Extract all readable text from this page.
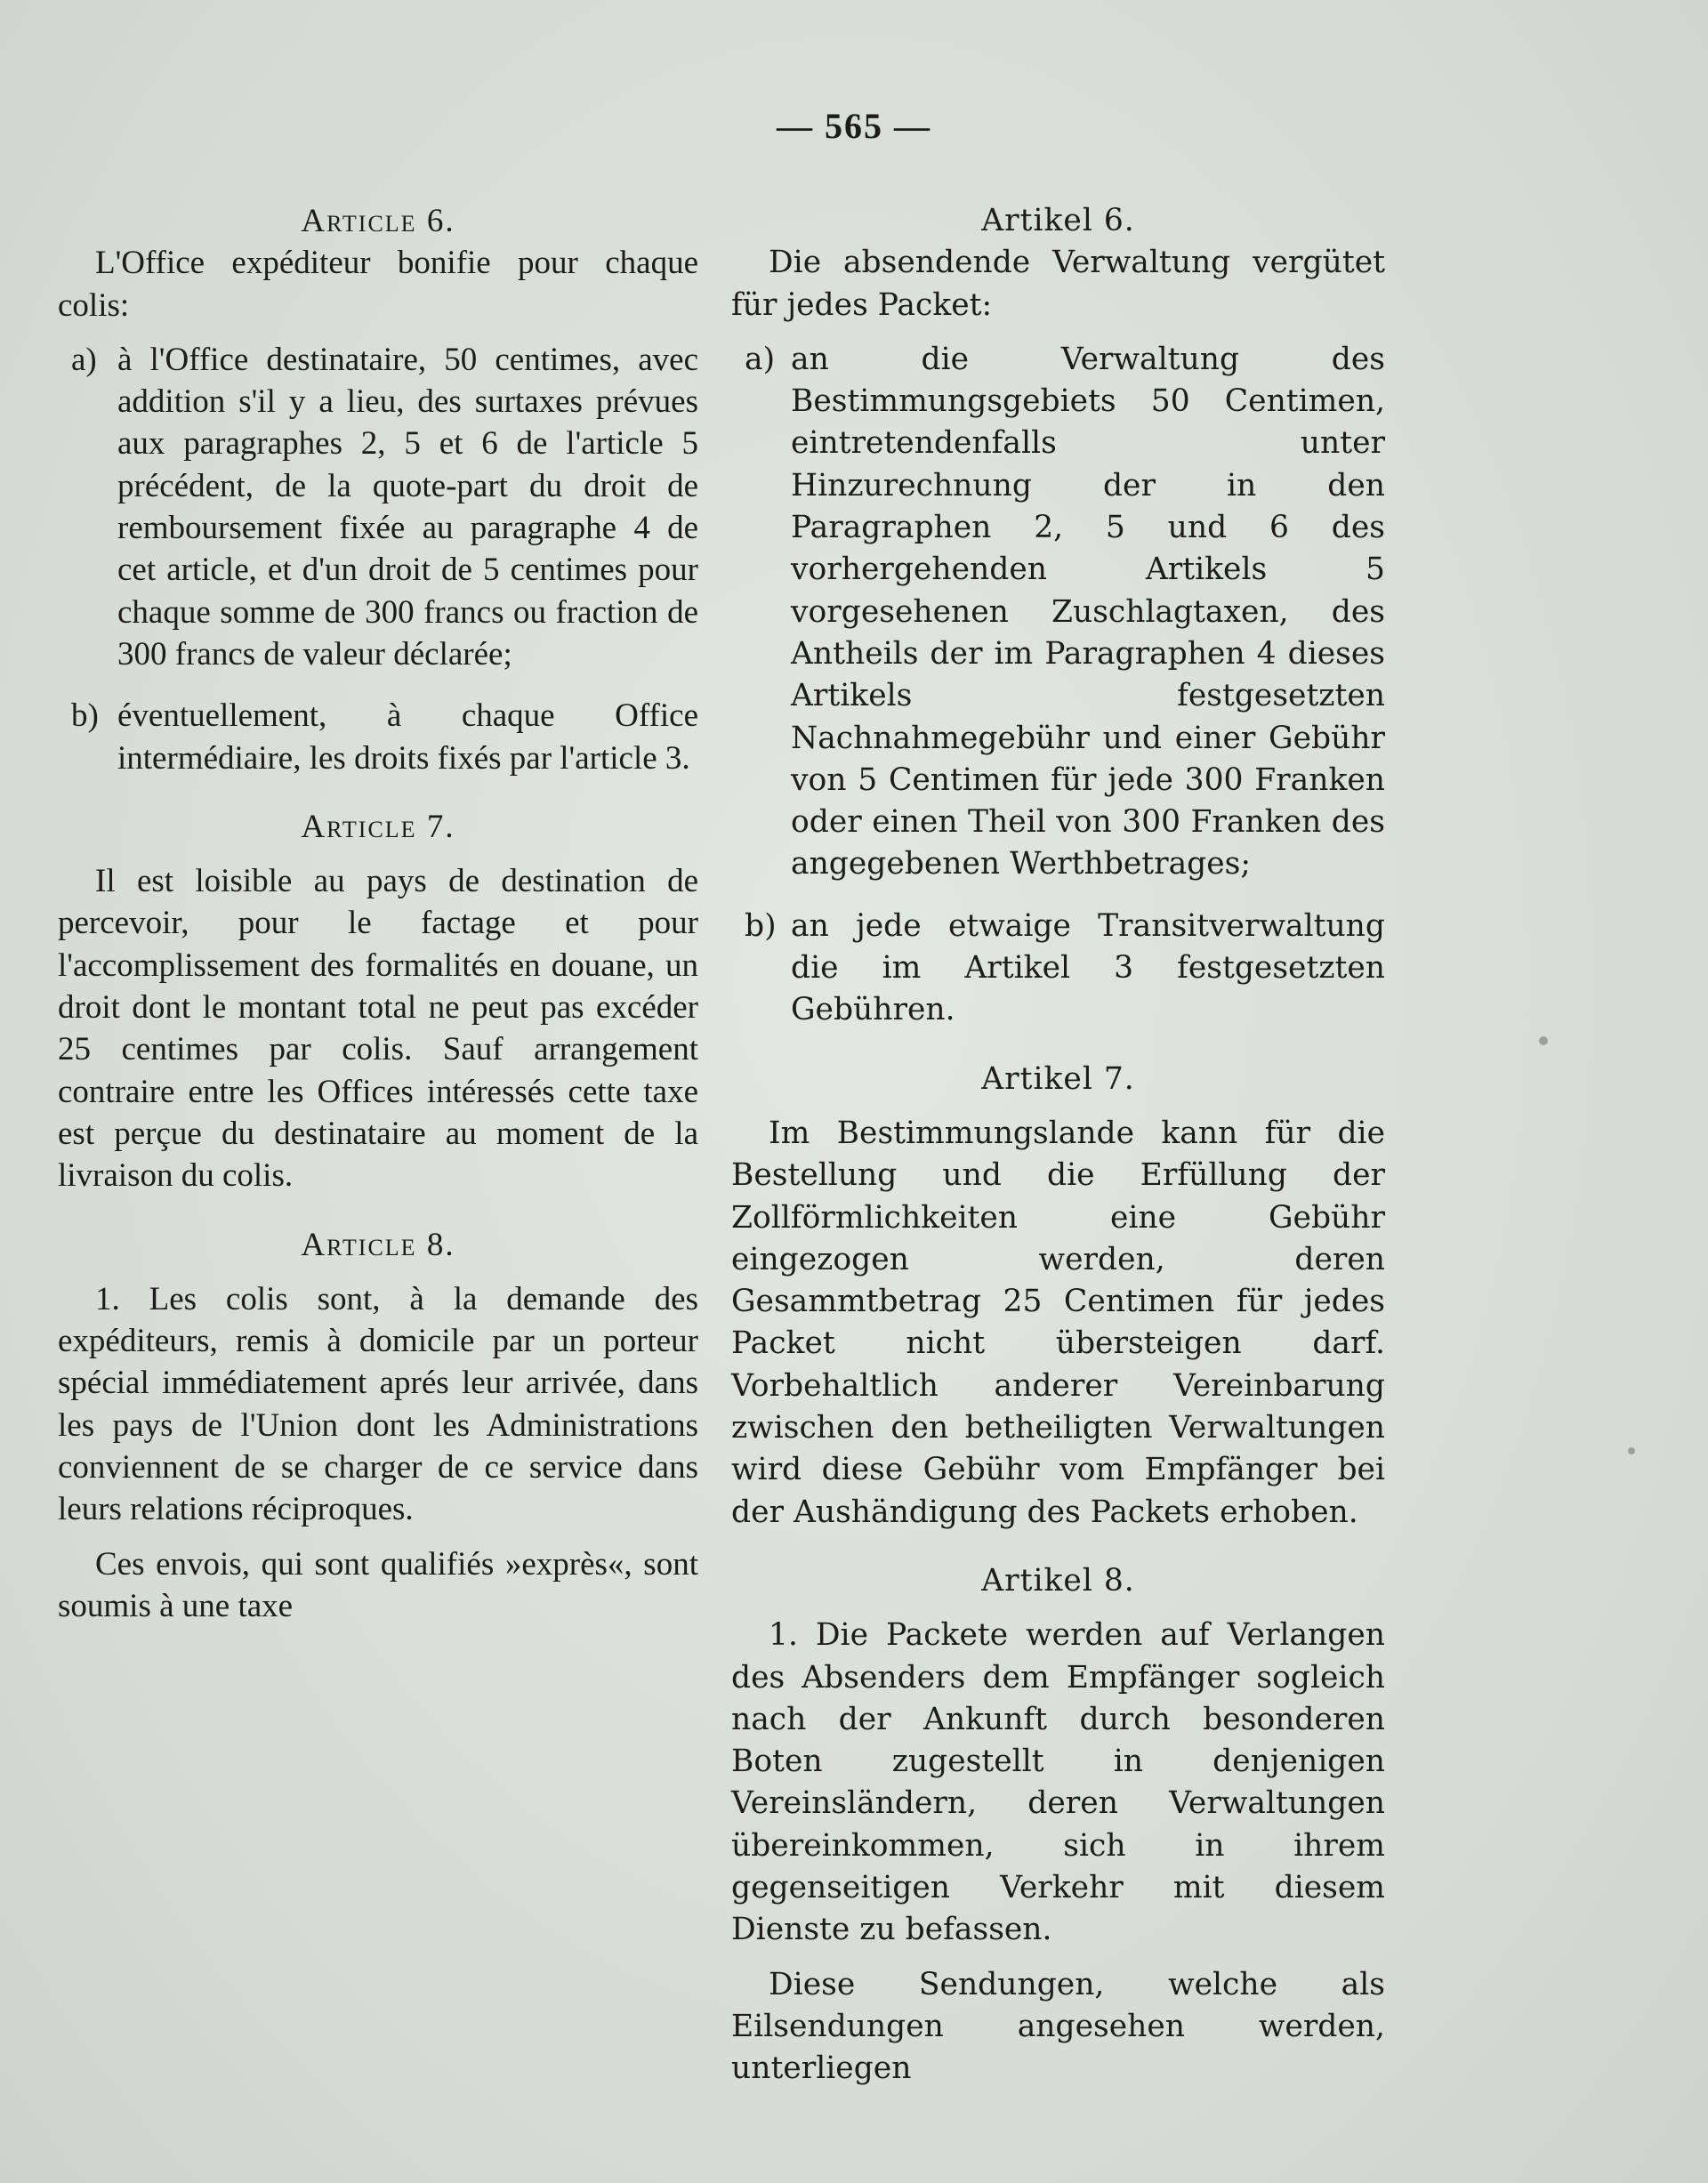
— 565 —
Article 6.

L'Office expéditeur bonifie pour chaque colis:

a) à l'Office destinataire, 50 centimes, avec addition s'il y a lieu, des surtaxes prévues aux paragraphes 2, 5 et 6 de l'article 5 précédent, de la quote-part du droit de remboursement fixée au paragraphe 4 de cet article, et d'un droit de 5 centimes pour chaque somme de 300 francs ou fraction de 300 francs de valeur déclarée;
b) éventuellement, à chaque Office intermédiaire, les droits fixés par l'article 3.
Article 7.

Il est loisible au pays de destination de percevoir, pour le factage et pour l'accomplissement des formalités en douane, un droit dont le montant total ne peut pas excéder 25 centimes par colis. Sauf arrangement contraire entre les Offices intéressés cette taxe est perçue du destinataire au moment de la livraison du colis.

Article 8.

1. Les colis sont, à la demande des expéditeurs, remis à domicile par un porteur spécial immédiatement aprés leur arrivée, dans les pays de l'Union dont les Administrations conviennent de se charger de ce service dans leurs relations réciproques.

Ces envois, qui sont qualifiés »exprès«, sont soumis à une taxe

Artikel 6.

Die absendende Verwaltung vergütet für jedes Packet:

a) an die Verwaltung des Bestimmungsgebiets 50 Centimen, eintretendenfalls unter Hinzurechnung der in den Paragraphen 2, 5 und 6 des vorhergehenden Artikels 5 vorgesehenen Zuschlagtaxen, des Antheils der im Paragraphen 4 dieses Artikels festgesetzten Nachnahmegebühr und einer Gebühr von 5 Centimen für jede 300 Franken oder einen Theil von 300 Franken des angegebenen Werthbetrages;
b) an jede etwaige Transitverwaltung die im Artikel 3 festgesetzten Gebühren.
Artikel 7.

Im Bestimmungslande kann für die Bestellung und die Erfüllung der Zollförmlichkeiten eine Gebühr eingezogen werden, deren Gesammtbetrag 25 Centimen für jedes Packet nicht übersteigen darf. Vorbehaltlich anderer Vereinbarung zwischen den betheiligten Verwaltungen wird diese Gebühr vom Empfänger bei der Aushändigung des Packets erhoben.

Artikel 8.

1. Die Packete werden auf Verlangen des Absenders dem Empfänger sogleich nach der Ankunft durch besonderen Boten zugestellt in denjenigen Vereinsländern, deren Verwaltungen übereinkommen, sich in ihrem gegenseitigen Verkehr mit diesem Dienste zu befassen.

Diese Sendungen, welche als Eilsendungen angesehen werden, unterliegen
